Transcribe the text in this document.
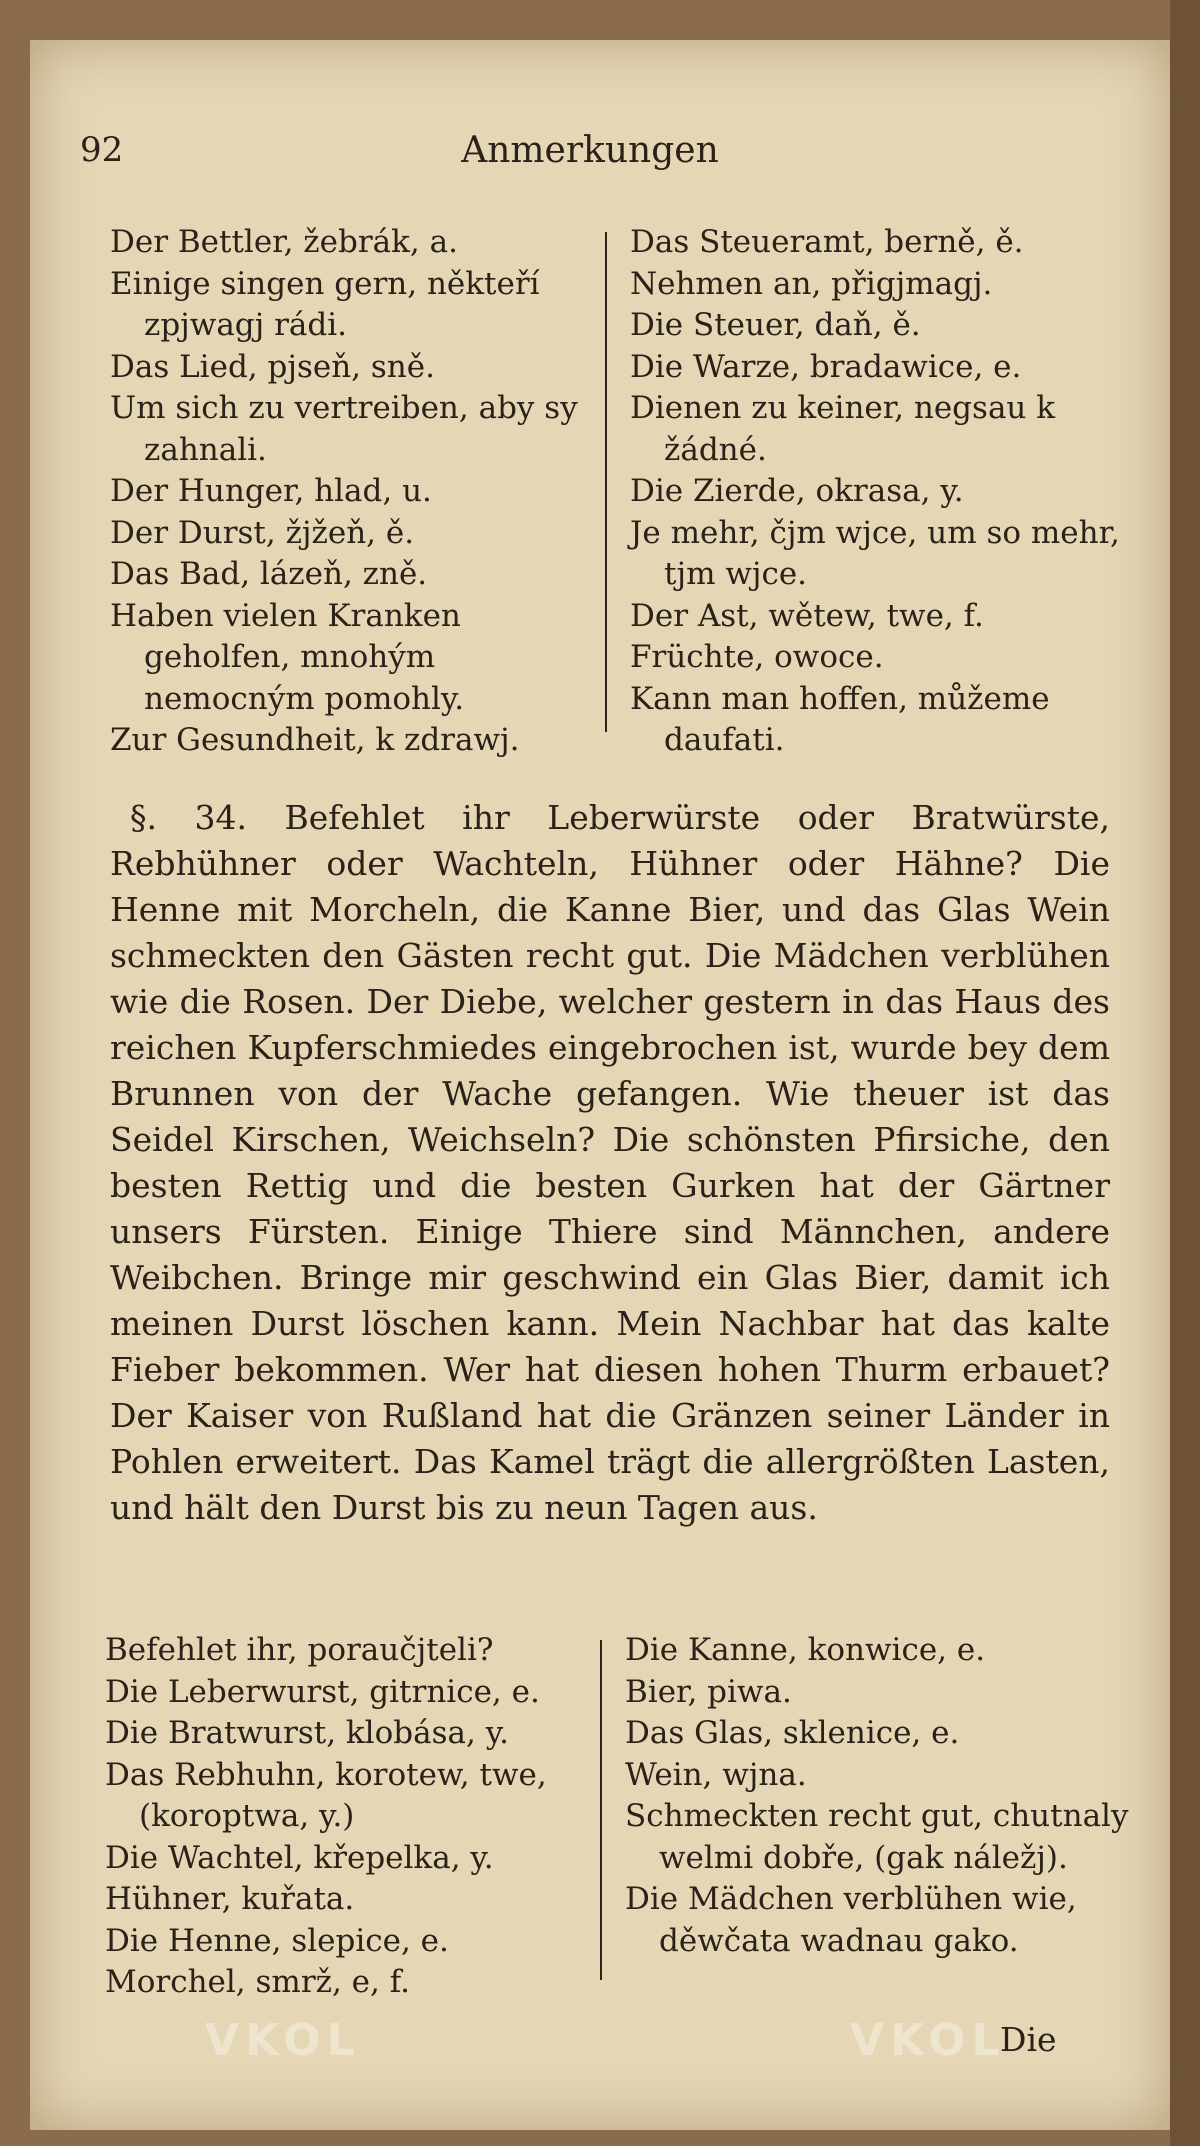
92	Anmerkungen

Der Bettler, žebrák, a.

Einige singen gern, někteří zpjwagj rádi.

Das Lied, pjseň, sně.

Um sich zu vertreiben, aby sy zahnali.

Der Hunger, hlad, u.

Der Durst, žjžeň, ě.

Das Bad, lázeň, zně.

Haben vielen Kranken geholfen, mnohým nemocným pomohly.

Zur Gesundheit, k zdrawj.

Das Steueramt, berně, ě.

Nehmen an, přigjmagj.

Die Steuer, daň, ě.

Die Warze, bradawice, e.

Dienen zu keiner, negsau k žádné.

Die Zierde, okrasa, y.

Je mehr, čjm wjce, um so mehr, tjm wjce.

Der Ast, wětew, twe, f.

Früchte, owoce.

Kann man hoffen, můžeme daufati.

§. 34. Befehlet ihr Leberwürste oder Bratwürste, Rebhühner oder Wachteln, Hühner oder Hähne? Die Henne mit Morcheln, die Kanne Bier, und das Glas Wein schmeckten den Gästen recht gut. Die Mädchen verblühen wie die Rosen. Der Diebe, welcher gestern in das Haus des reichen Kupferschmiedes eingebrochen ist, wurde bey dem Brunnen von der Wache gefangen. Wie theuer ist das Seidel Kirschen, Weichseln? Die schönsten Pfirsiche, den besten Rettig und die besten Gurken hat der Gärtner unsers Fürsten. Einige Thiere sind Männchen, andere Weibchen. Bringe mir geschwind ein Glas Bier, damit ich meinen Durst löschen kann. Mein Nachbar hat das kalte Fieber bekommen. Wer hat diesen hohen Thurm erbauet? Der Kaiser von Rußland hat die Gränzen seiner Länder in Pohlen erweitert. Das Kamel trägt die allergrößten Lasten, und hält den Durst bis zu neun Tagen aus.

Befehlet ihr, poraučjteli?

Die Leberwurst, gitrnice, e.

Die Bratwurst, klobása, y.

Das Rebhuhn, korotew, twe, (koroptwa, y.)

Die Wachtel, křepelka, y.

Hühner, kuřata.

Die Henne, slepice, e.

Morchel, smrž, e, f.

Die Kanne, konwice, e.

Bier, piwa.

Das Glas, sklenice, e.

Wein, wjna.

Schmeckten recht gut, chutnaly welmi dobře, (gak náležj).

Die Mädchen verblühen wie, děwčata wadnau gako.

VKOL	VKOL
Die
